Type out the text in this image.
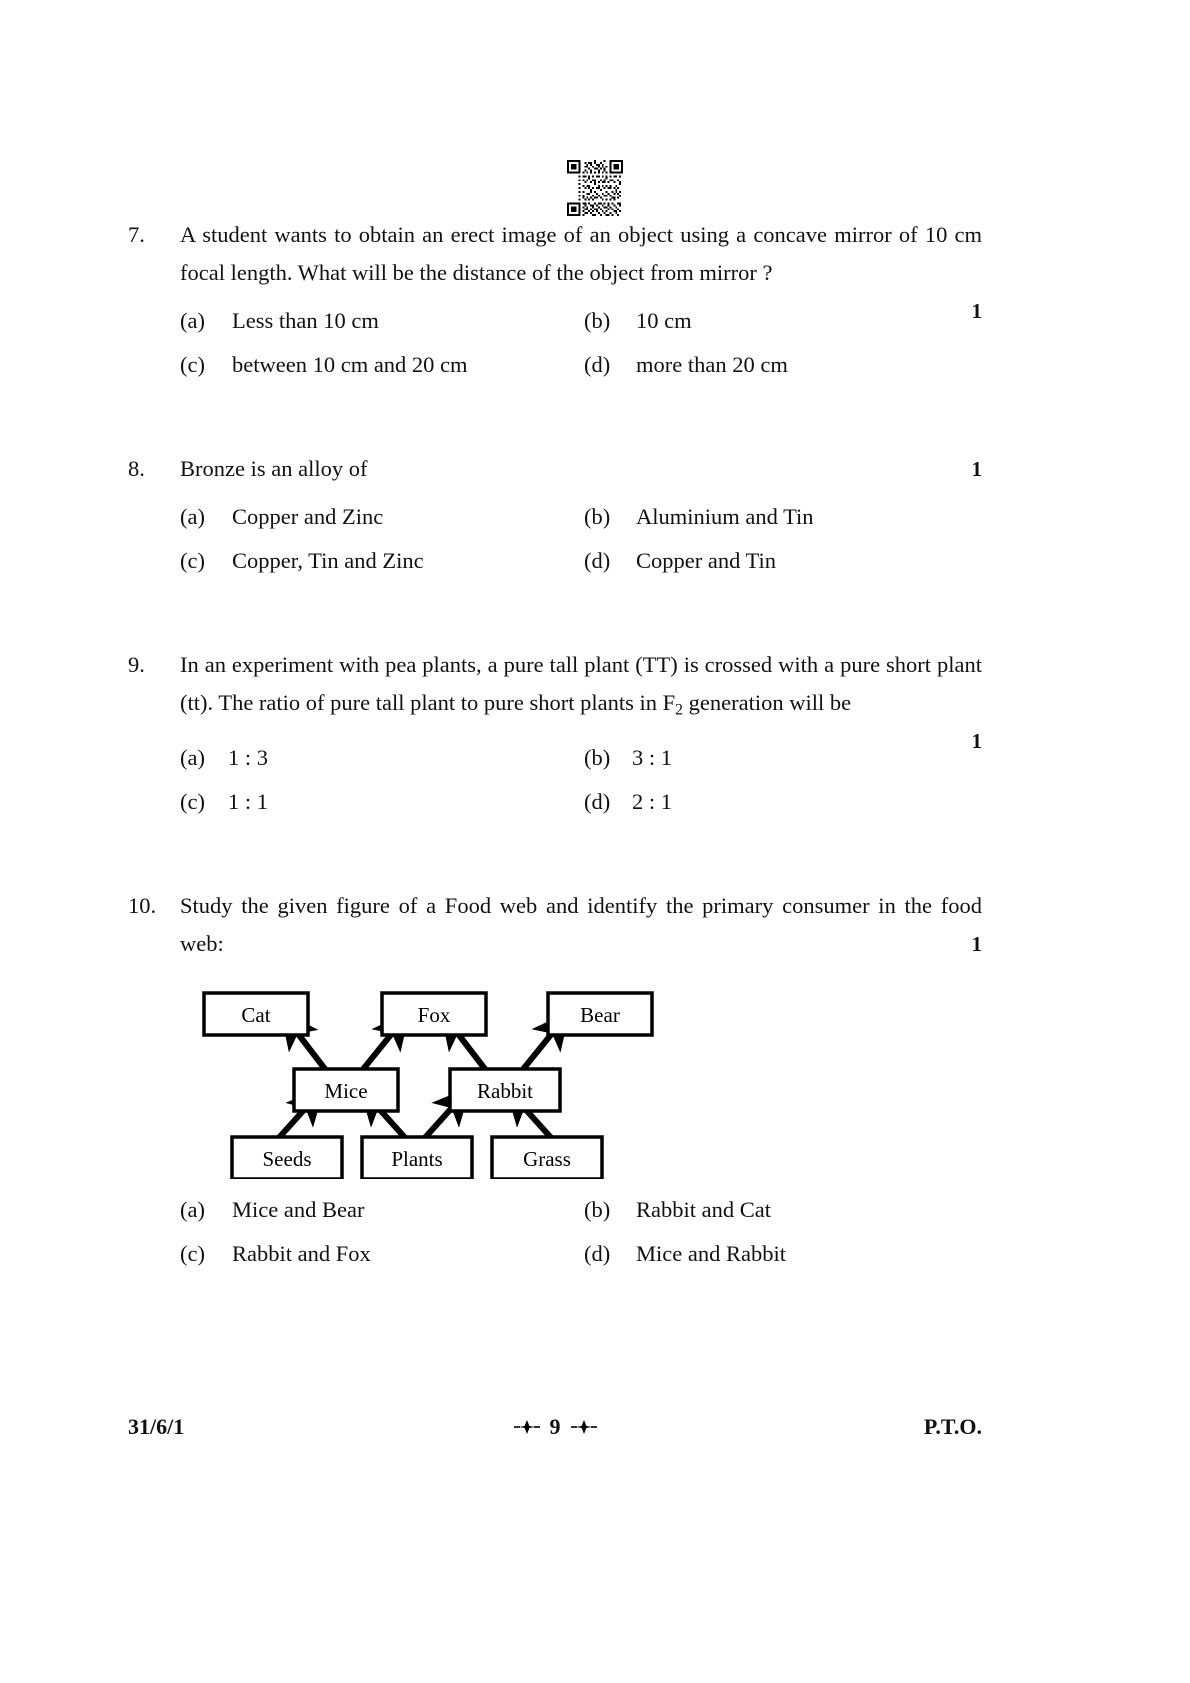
7.	A student wants to obtain an erect image of an object using a concave mirror of 10 cm focal length. What will be the distance of the object from mirror ?
1
(a)	Less than 10 cm	(b)	10 cm
(c)	between 10 cm and 20 cm	(d)	more than 20 cm
8.	Bronze is an alloy of	1
(a)	Copper and Zinc	(b)	Aluminium and Tin
(c)	Copper, Tin and Zinc	(d)	Copper and Tin
9.	In an experiment with pea plants, a pure tall plant (TT) is crossed with a pure short plant (tt). The ratio of pure tall plant to pure short plants in $F_2$ generation will be
1
(a)	1 : 3	(b) 3 : 1
(c)	1 : 1	(d) 2 : 1
10.	Study the given figure of a Food web and identify the primary consumer in the food web:	1
Cat	Fox	Bear
Mice	Rabbit
Seeds	Plants	Grass
(a)	Mice and Bear	(b)	Rabbit and Cat
(c)	Rabbit and Fox	(d)	Mice and Rabbit
31/6/1	9	P.T.O.
